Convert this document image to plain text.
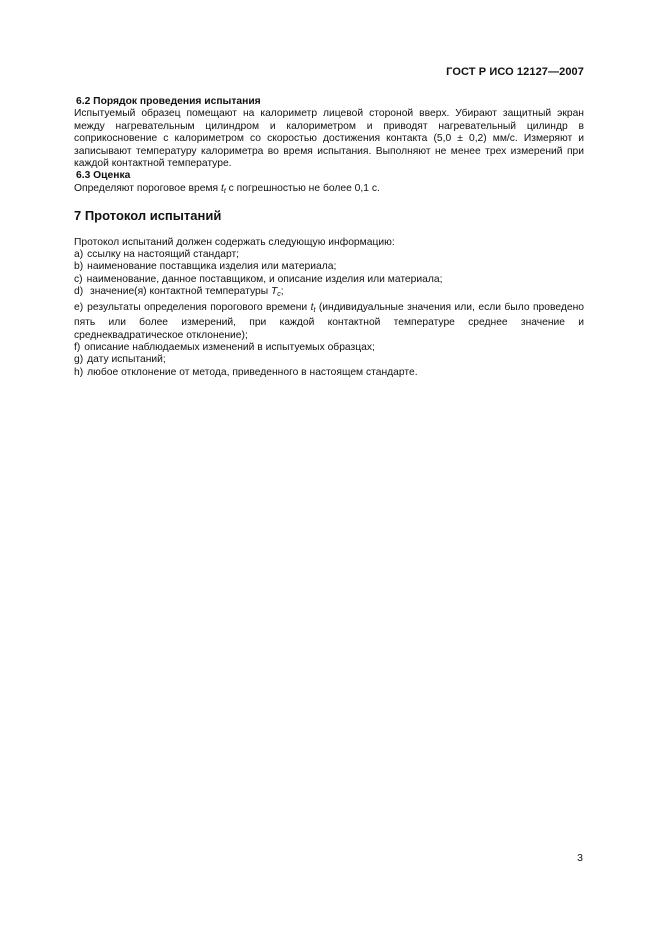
ГОСТ Р ИСО 12127—2007
6.2 Порядок проведения испытания
Испытуемый образец помещают на калориметр лицевой стороной вверх. Убирают защитный экран между нагревательным цилиндром и калориметром и приводят нагревательный цилиндр в соприкосновение с калориметром со скоростью достижения контакта (5,0 ± 0,2) мм/с. Измеряют и записывают температуру калориметра во время испытания. Выполняют не менее трех измерений при каждой контактной температуре.
6.3 Оценка
Определяют пороговое время $t_t$ с погрешностью не более 0,1 с.
7 Протокол испытаний
Протокол испытаний должен содержать следующую информацию:
a) ссылку на настоящий стандарт;
b) наименование поставщика изделия или материала;
c) наименование, данное поставщиком, и описание изделия или материала;
d) значение(я) контактной температуры $T_c$;
e) результаты определения порогового времени $t_t$ (индивидуальные значения или, если было проведено пять или более измерений, при каждой контактной температуре среднее значение и среднеквадратическое отклонение);
f) описание наблюдаемых изменений в испытуемых образцах;
g) дату испытаний;
h) любое отклонение от метода, приведенного в настоящем стандарте.
3
